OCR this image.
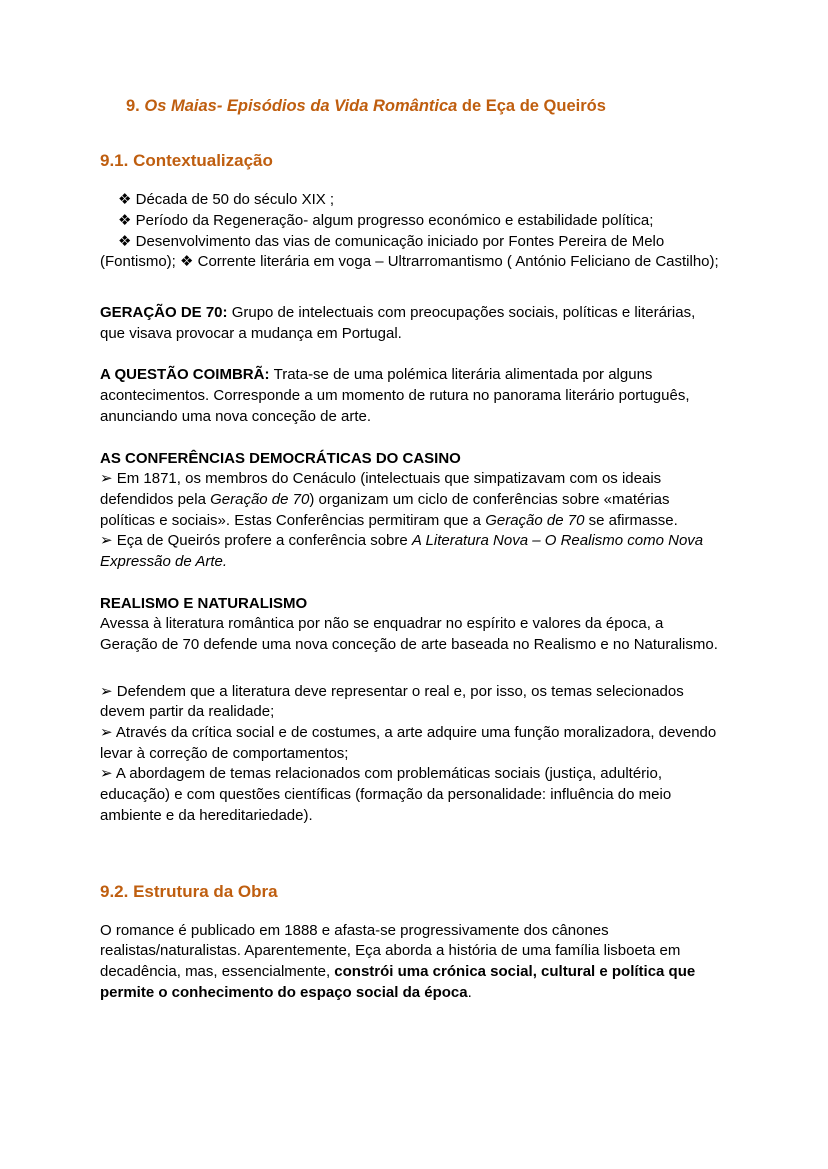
9. Os Maias- Episódios da Vida Romântica de Eça de Queirós
9.1. Contextualização

❖ Década de 50 do século XIX ;

❖ Período da Regeneração- algum progresso económico e estabilidade política;

❖ Desenvolvimento das vias de comunicação iniciado por Fontes Pereira de Melo (Fontismo); ❖ Corrente literária em voga – Ultrarromantismo ( António Feliciano de Castilho);

GERAÇÃO DE 70: Grupo de intelectuais com preocupações sociais, políticas e literárias, que visava provocar a mudança em Portugal.

A QUESTÃO COIMBRÃ: Trata-se de uma polémica literária alimentada por alguns acontecimentos. Corresponde a um momento de rutura no panorama literário português, anunciando uma nova conceção de arte.

AS CONFERÊNCIAS DEMOCRÁTICAS DO CASINO

➢ Em 1871, os membros do Cenáculo (intelectuais que simpatizavam com os ideais defendidos pela Geração de 70) organizam um ciclo de conferências sobre «matérias políticas e sociais». Estas Conferências permitiram que a Geração de 70 se afirmasse.

➢ Eça de Queirós profere a conferência sobre A Literatura Nova – O Realismo como Nova Expressão de Arte.

REALISMO E NATURALISMO

Avessa à literatura romântica por não se enquadrar no espírito e valores da época, a Geração de 70 defende uma nova conceção de arte baseada no Realismo e no Naturalismo.

➢ Defendem que a literatura deve representar o real e, por isso, os temas selecionados devem partir da realidade;

➢ Através da crítica social e de costumes, a arte adquire uma função moralizadora, devendo levar à correção de comportamentos;

➢ A abordagem de temas relacionados com problemáticas sociais (justiça, adultério, educação) e com questões científicas (formação da personalidade: influência do meio ambiente e da hereditariedade).

9.2. Estrutura da Obra

O romance é publicado em 1888 e afasta-se progressivamente dos cânones realistas/naturalistas. Aparentemente, Eça aborda a história de uma família lisboeta em decadência, mas, essencialmente, constrói uma crónica social, cultural e política que permite o conhecimento do espaço social da época.
